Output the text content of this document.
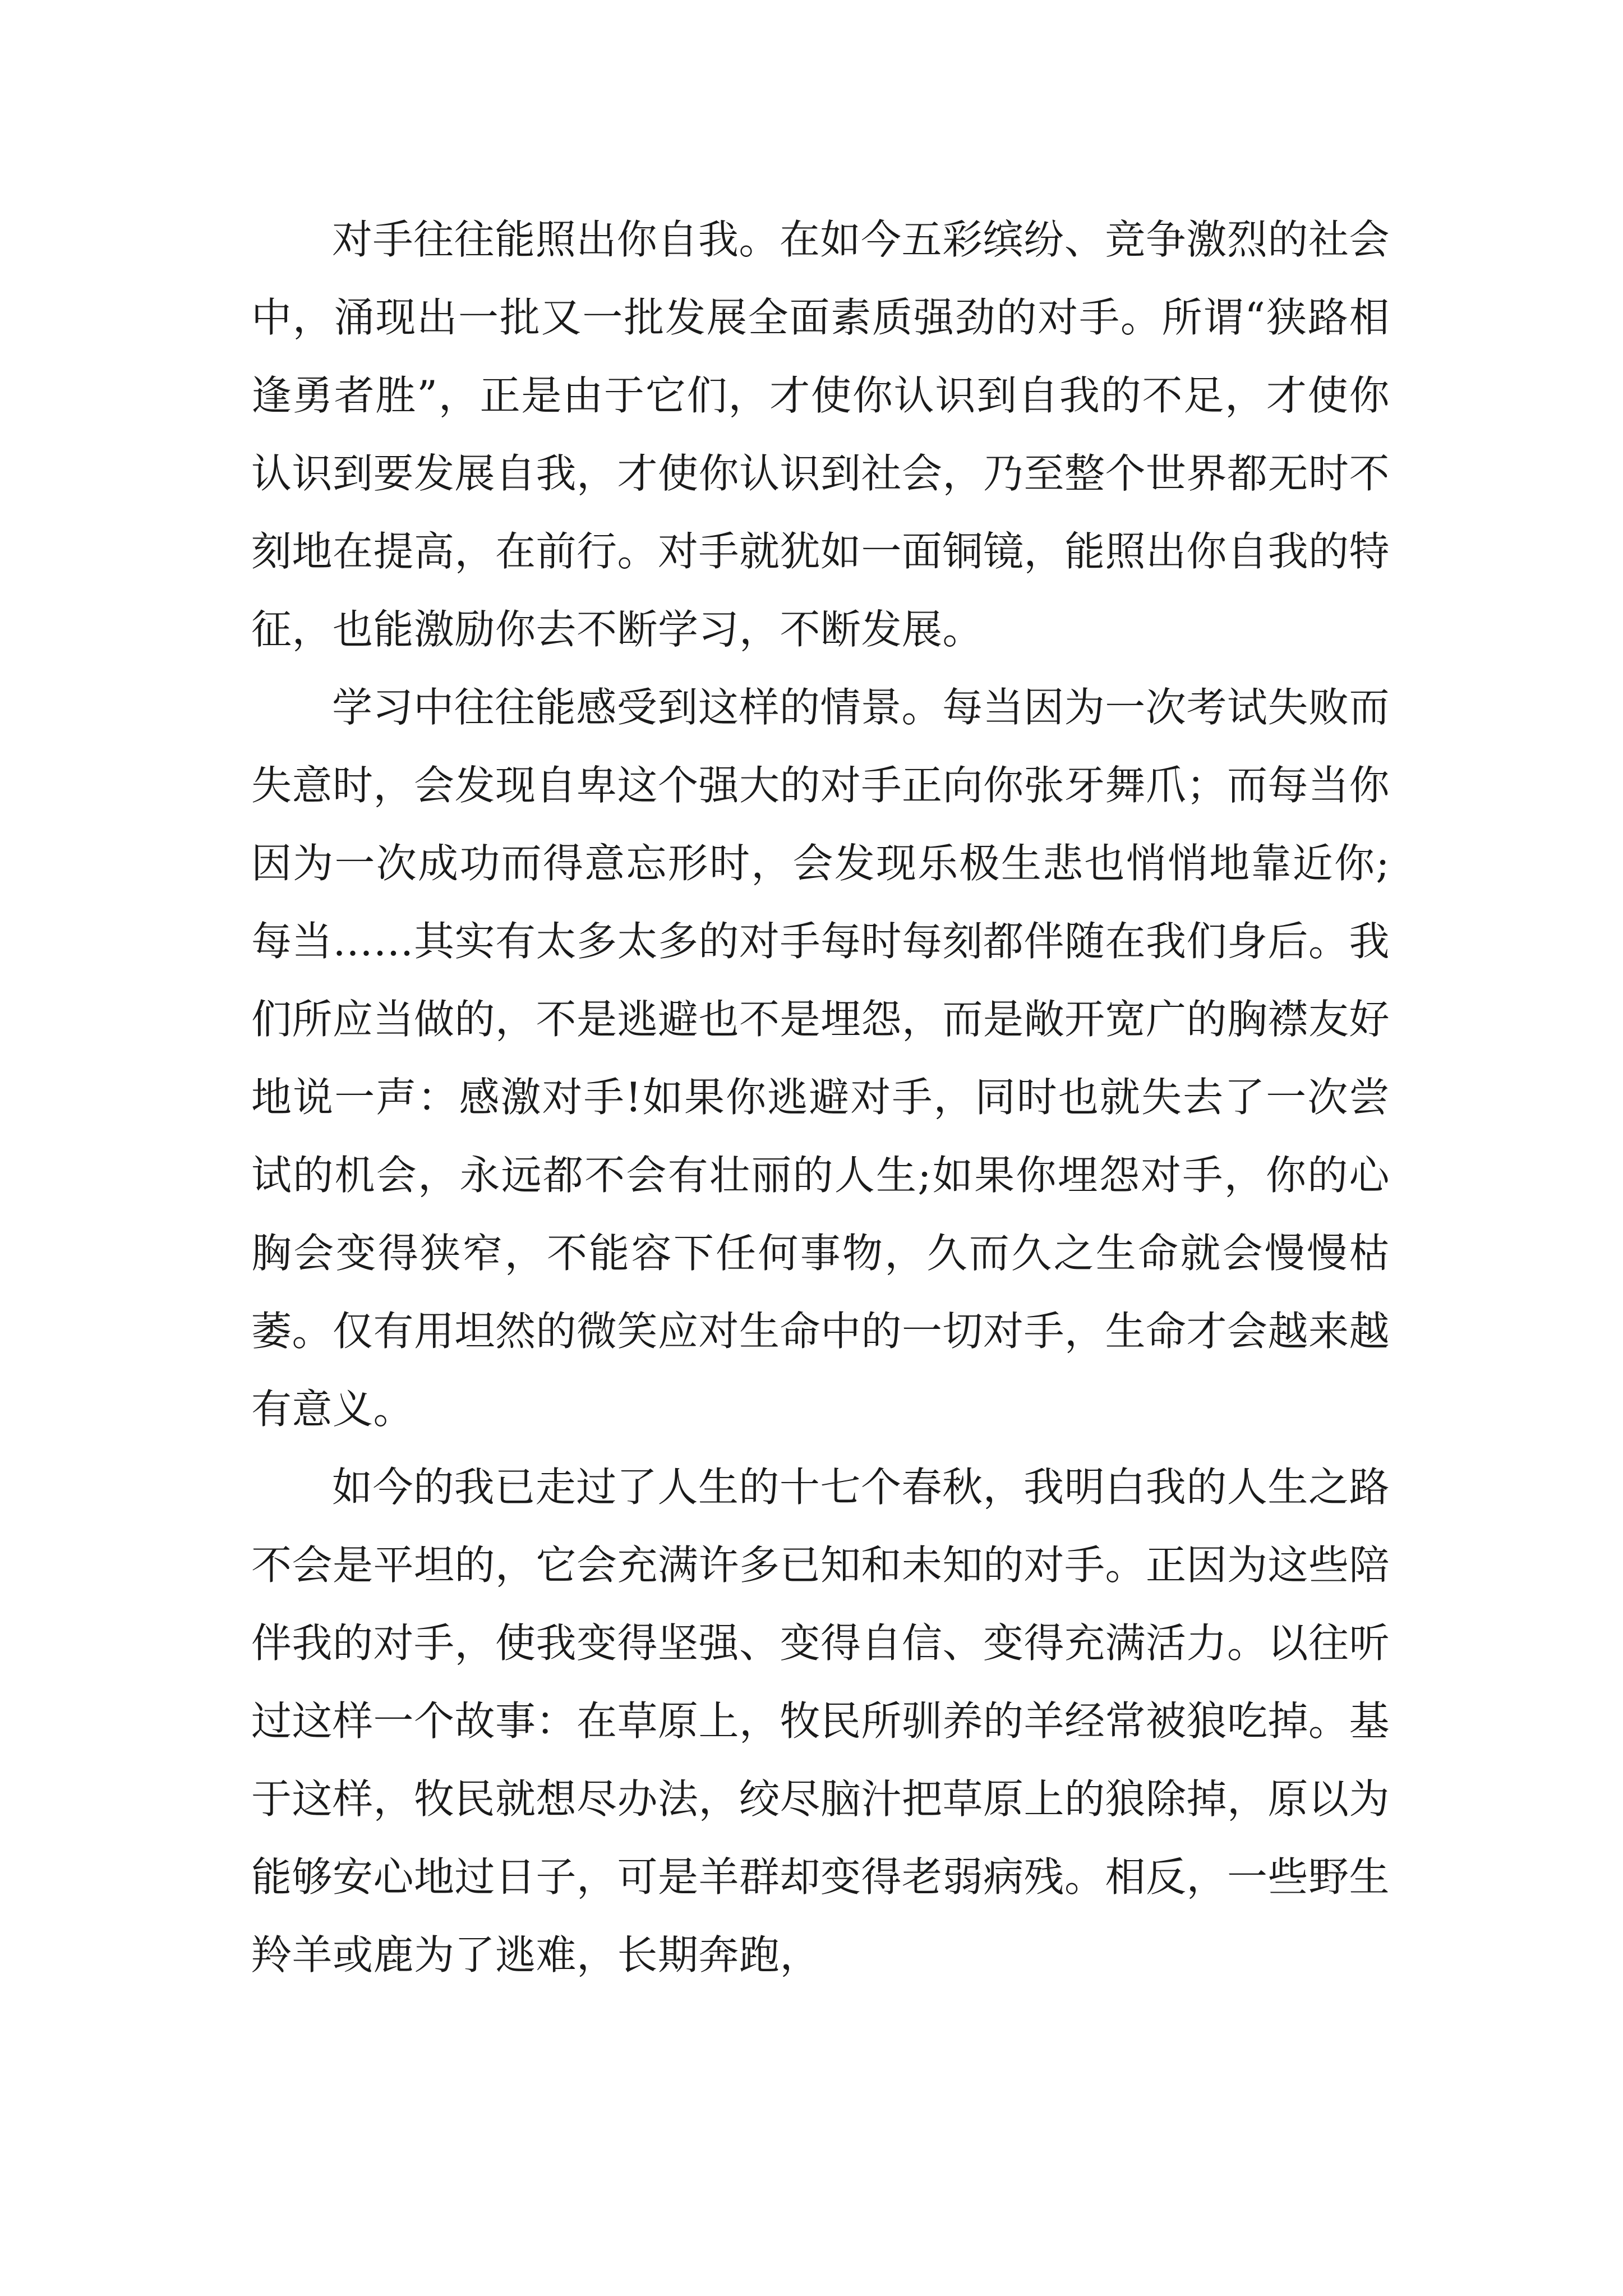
对手往往能照出你自我。在如今五彩缤纷、竞争激烈的社会中，涌现出一批又一批发展全面素质强劲的对手。所谓“狭路相逢勇者胜”，正是由于它们，才使你认识到自我的不足，才使你认识到要发展自我，才使你认识到社会，乃至整个世界都无时不刻地在提高，在前行。对手就犹如一面铜镜，能照出你自我的特征，也能激励你去不断学习，不断发展。

学习中往往能感受到这样的情景。每当因为一次考试失败而失意时，会发现自卑这个强大的对手正向你张牙舞爪；而每当你因为一次成功而得意忘形时，会发现乐极生悲也悄悄地靠近你;每当……其实有太多太多的对手每时每刻都伴随在我们身后。我们所应当做的，不是逃避也不是埋怨，而是敞开宽广的胸襟友好地说一声：感激对手!如果你逃避对手，同时也就失去了一次尝试的机会，永远都不会有壮丽的人生;如果你埋怨对手，你的心胸会变得狭窄，不能容下任何事物，久而久之生命就会慢慢枯萎。仅有用坦然的微笑应对生命中的一切对手，生命才会越来越有意义。

如今的我已走过了人生的十七个春秋，我明白我的人生之路不会是平坦的，它会充满许多已知和未知的对手。正因为这些陪伴我的对手，使我变得坚强、变得自信、变得充满活力。以往听过这样一个故事：在草原上，牧民所驯养的羊经常被狼吃掉。基于这样，牧民就想尽办法，绞尽脑汁把草原上的狼除掉，原以为能够安心地过日子，可是羊群却变得老弱病残。相反，一些野生羚羊或鹿为了逃难，长期奔跑，
